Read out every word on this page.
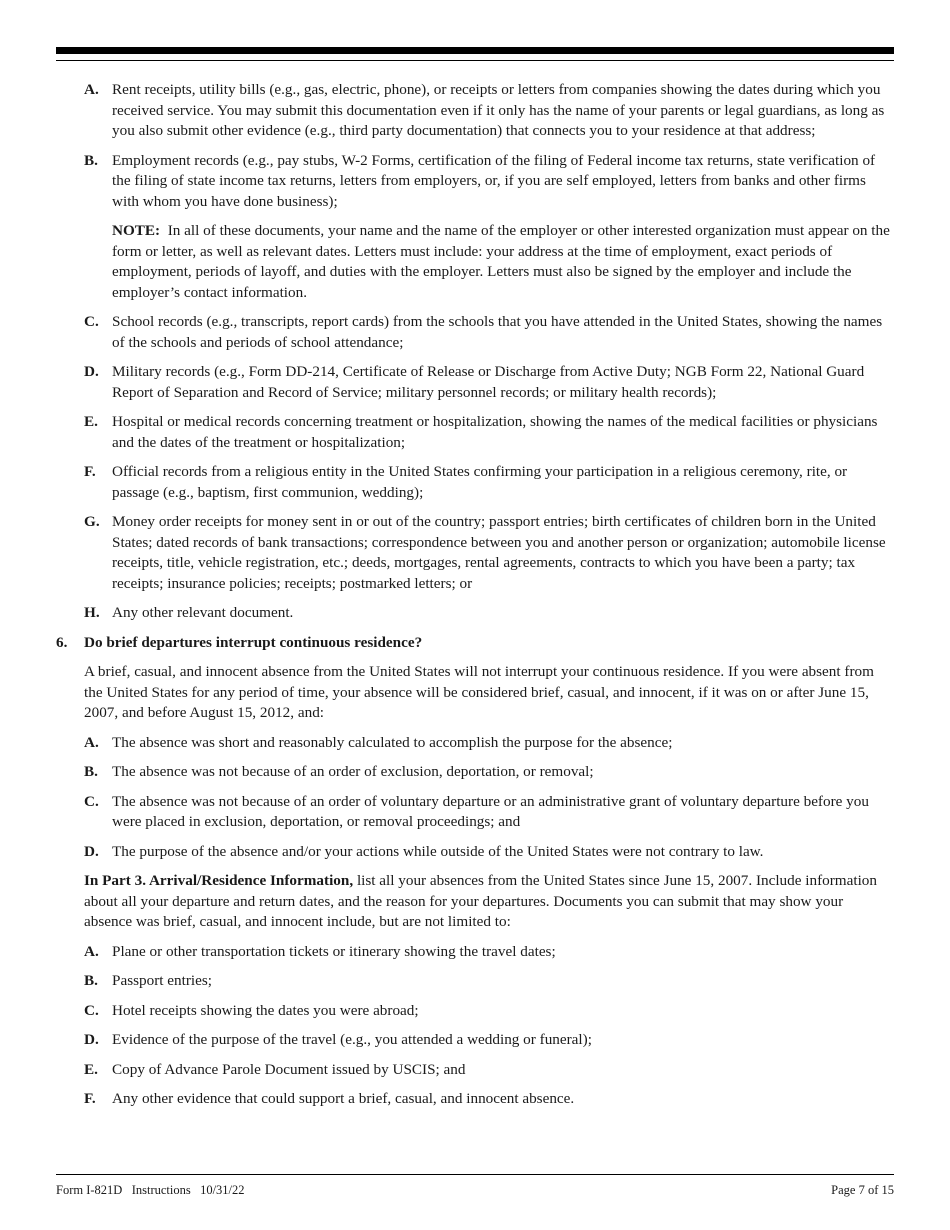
A. Rent receipts, utility bills (e.g., gas, electric, phone), or receipts or letters from companies showing the dates during which you received service. You may submit this documentation even if it only has the name of your parents or legal guardians, as long as you also submit other evidence (e.g., third party documentation) that connects you to your residence at that address;
B. Employment records (e.g., pay stubs, W-2 Forms, certification of the filing of Federal income tax returns, state verification of the filing of state income tax returns, letters from employers, or, if you are self employed, letters from banks and other firms with whom you have done business);
NOTE: In all of these documents, your name and the name of the employer or other interested organization must appear on the form or letter, as well as relevant dates. Letters must include: your address at the time of employment, exact periods of employment, periods of layoff, and duties with the employer. Letters must also be signed by the employer and include the employer’s contact information.
C. School records (e.g., transcripts, report cards) from the schools that you have attended in the United States, showing the names of the schools and periods of school attendance;
D. Military records (e.g., Form DD-214, Certificate of Release or Discharge from Active Duty; NGB Form 22, National Guard Report of Separation and Record of Service; military personnel records; or military health records);
E. Hospital or medical records concerning treatment or hospitalization, showing the names of the medical facilities or physicians and the dates of the treatment or hospitalization;
F. Official records from a religious entity in the United States confirming your participation in a religious ceremony, rite, or passage (e.g., baptism, first communion, wedding);
G. Money order receipts for money sent in or out of the country; passport entries; birth certificates of children born in the United States; dated records of bank transactions; correspondence between you and another person or organization; automobile license receipts, title, vehicle registration, etc.; deeds, mortgages, rental agreements, contracts to which you have been a party; tax receipts; insurance policies; receipts; postmarked letters; or
H. Any other relevant document.
6. Do brief departures interrupt continuous residence?
A brief, casual, and innocent absence from the United States will not interrupt your continuous residence. If you were absent from the United States for any period of time, your absence will be considered brief, casual, and innocent, if it was on or after June 15, 2007, and before August 15, 2012, and:
A. The absence was short and reasonably calculated to accomplish the purpose for the absence;
B. The absence was not because of an order of exclusion, deportation, or removal;
C. The absence was not because of an order of voluntary departure or an administrative grant of voluntary departure before you were placed in exclusion, deportation, or removal proceedings; and
D. The purpose of the absence and/or your actions while outside of the United States were not contrary to law.
In Part 3. Arrival/Residence Information, list all your absences from the United States since June 15, 2007. Include information about all your departure and return dates, and the reason for your departures. Documents you can submit that may show your absence was brief, casual, and innocent include, but are not limited to:
A. Plane or other transportation tickets or itinerary showing the travel dates;
B. Passport entries;
C. Hotel receipts showing the dates you were abroad;
D. Evidence of the purpose of the travel (e.g., you attended a wedding or funeral);
E. Copy of Advance Parole Document issued by USCIS; and
F. Any other evidence that could support a brief, casual, and innocent absence.
Form I-821D   Instructions   10/31/22	Page 7 of 15
